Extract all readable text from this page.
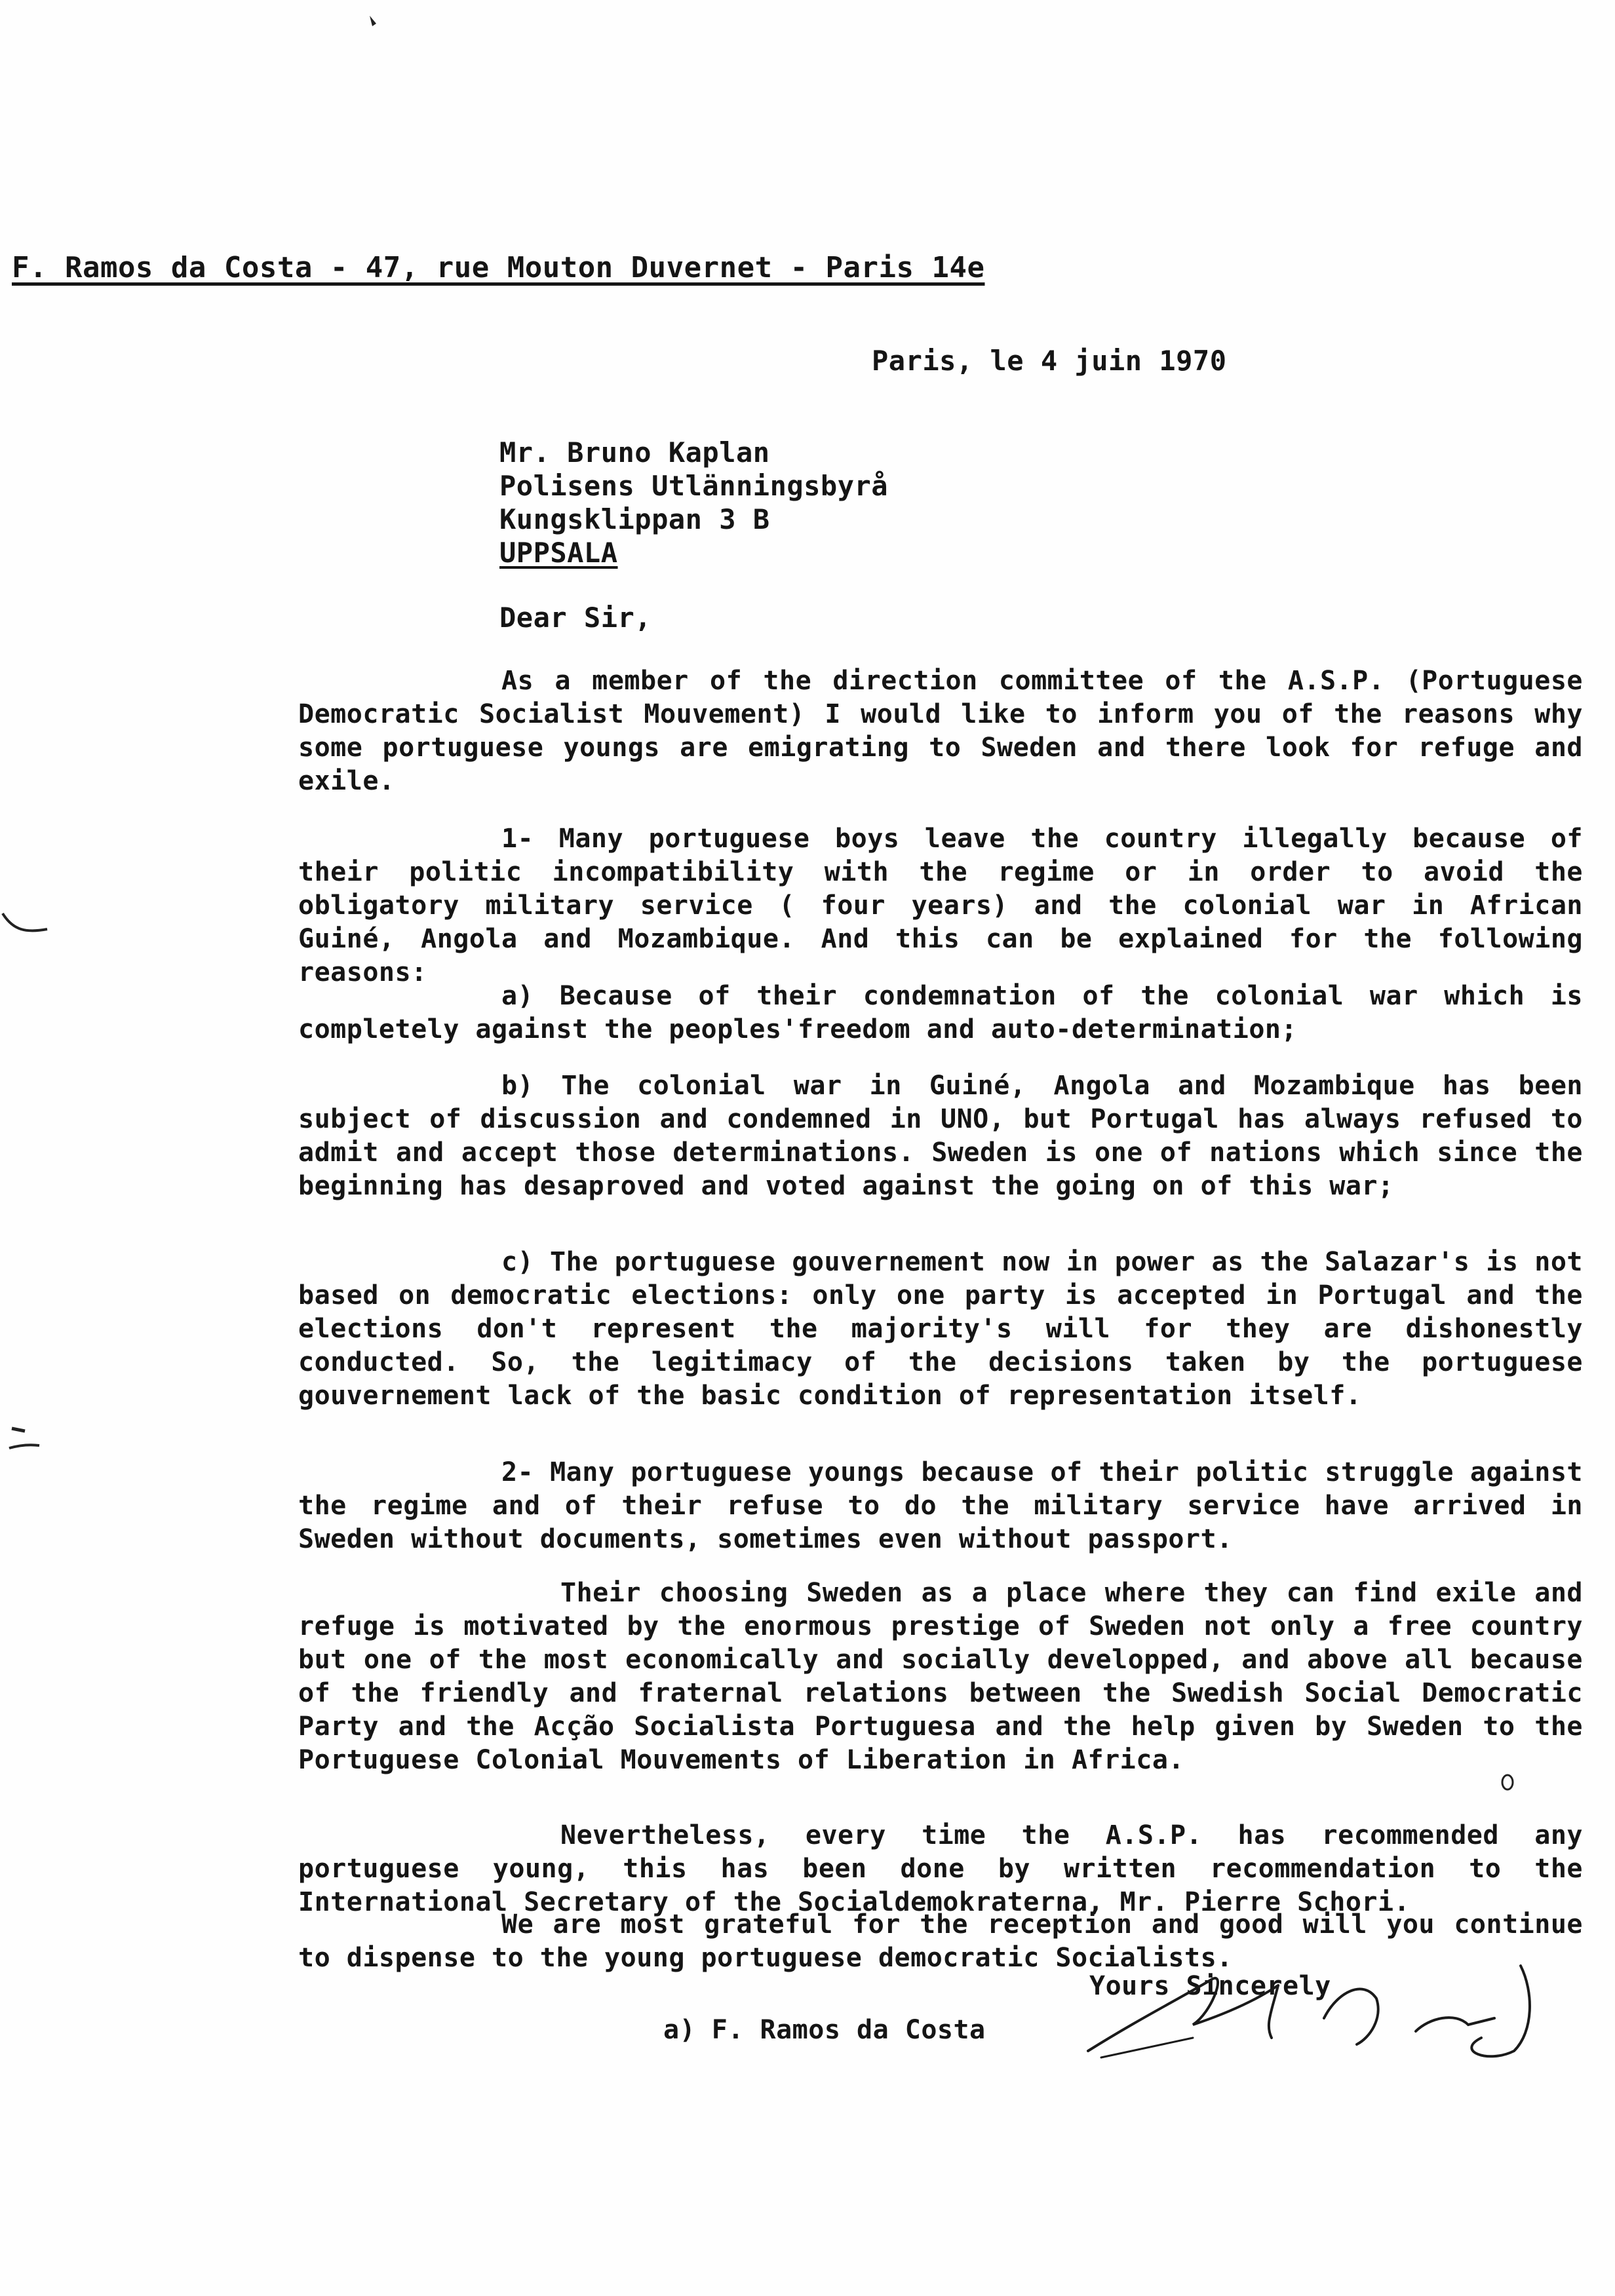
F. Ramos da Costa - 47, rue Mouton Duvernet - Paris 14e
Paris, le 4 juin 1970
Mr. Bruno Kaplan
Polisens Utlänningsbyrå
Kungsklippan 3 B
UPPSALA
Dear Sir,
As a member of the direction committee of the A.S.P. (Portuguese Democratic Socialist Mouvement) I would like to inform you of the reasons why some portuguese youngs are emigrating to Sweden and there look for refuge and exile.
1- Many portuguese boys leave the country illegally because of their politic incompatibility with the regime or in order to avoid the obligatory military service ( four years) and the colonial war in African Guiné, Angola and Mozambique. And this can be explained for the following reasons:
a) Because of their condemnation of the colonial war which is completely against the peoples'freedom and auto-determination;
b) The colonial war in Guiné, Angola and Mozambique has been subject of discussion and condemned in UNO, but Portugal has always refused to admit and accept those determinations. Sweden is one of nations which since the beginning has desaproved and voted against the going on of this war;
c) The portuguese gouvernement now in power as the Salazar's is not based on democratic elections: only one party is accepted in Portugal and the elections don't represent the majority's will for they are dishonestly conducted. So, the legitimacy of the decisions taken by the portuguese gouvernement lack of the basic condition of representation itself.
2- Many portuguese youngs because of their politic struggle against the regime and of their refuse to do the military service have arrived in Sweden without documents, sometimes even without passport.
Their choosing Sweden as a place where they can find exile and refuge is motivated by the enormous prestige of Sweden not only a free country but one of the most economically and socially developped, and above all because of the friendly and fraternal relations between the Swedish Social Democratic Party and the Acção Socialista Portuguesa and the help given by Sweden to the Portuguese Colonial Mouvements of Liberation in Africa.
Nevertheless, every time the A.S.P. has recommended any portuguese young, this has been done by written recommendation to the International Secretary of the Socialdemokraterna, Mr. Pierre Schori.
We are most grateful for the reception and good will you continue to dispense to the young portuguese democratic Socialists.
Yours Sincerely
a) F. Ramos da Costa
